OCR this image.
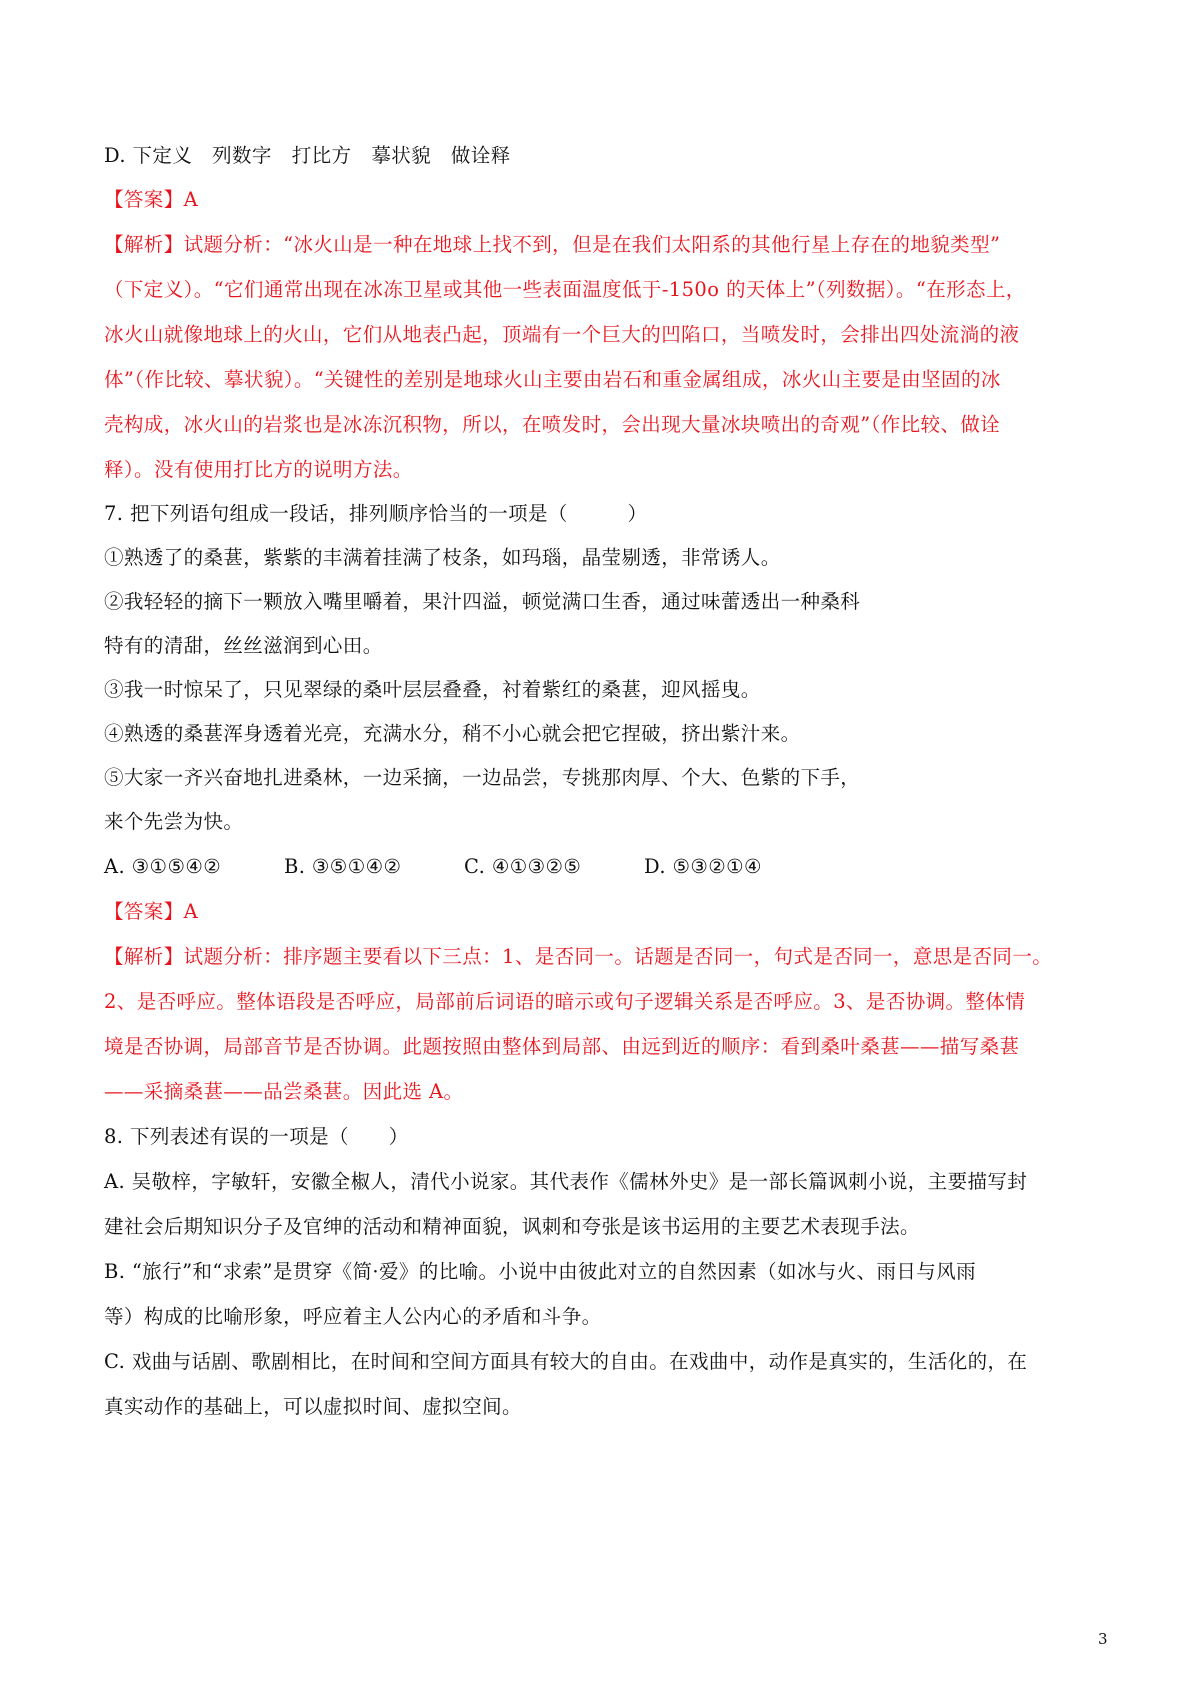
D. 下定义　列数字　打比方　摹状貌　做诠释

【答案】A

【解析】试题分析：“冰火山是一种在地球上找不到，但是在我们太阳系的其他行星上存在的地貌类型”

（下定义）。“它们通常出现在冰冻卫星或其他一些表面温度低于-150o 的天体上”（列数据）。“在形态上，

冰火山就像地球上的火山，它们从地表凸起，顶端有一个巨大的凹陷口，当喷发时，会排出四处流淌的液

体”（作比较、摹状貌）。“关键性的差别是地球火山主要由岩石和重金属组成，冰火山主要是由坚固的冰

壳构成，冰火山的岩浆也是冰冻沉积物，所以，在喷发时，会出现大量冰块喷出的奇观”（作比较、做诠

释）。没有使用打比方的说明方法。

7. 把下列语句组成一段话，排列顺序恰当的一项是（　　　）

①熟透了的桑葚，紫紫的丰满着挂满了枝条，如玛瑙，晶莹剔透，非常诱人。

②我轻轻的摘下一颗放入嘴里嚼着，果汁四溢，顿觉满口生香，通过味蕾透出一种桑科

特有的清甜，丝丝滋润到心田。

③我一时惊呆了，只见翠绿的桑叶层层叠叠，衬着紫红的桑葚，迎风摇曳。

④熟透的桑葚浑身透着光亮，充满水分，稍不小心就会把它捏破，挤出紫汁来。

⑤大家一齐兴奋地扎进桑林，一边采摘，一边品尝，专挑那肉厚、个大、色紫的下手，

来个先尝为快。

A. ③①⑤④②	B. ③⑤①④②	C. ④①③②⑤	D. ⑤③②①④

【答案】A

【解析】试题分析：排序题主要看以下三点：1、是否同一。话题是否同一，句式是否同一，意思是否同一。

2、是否呼应。整体语段是否呼应，局部前后词语的暗示或句子逻辑关系是否呼应。3、是否协调。整体情

境是否协调，局部音节是否协调。此题按照由整体到局部、由远到近的顺序：看到桑叶桑葚——描写桑葚

——采摘桑葚——品尝桑葚。因此选 A。

8. 下列表述有误的一项是（　　）

A. 吴敬梓，字敏轩，安徽全椒人，清代小说家。其代表作《儒林外史》是一部长篇讽刺小说，主要描写封

建社会后期知识分子及官绅的活动和精神面貌，讽刺和夸张是该书运用的主要艺术表现手法。

B. “旅行”和“求索”是贯穿《简·爱》的比喻。小说中由彼此对立的自然因素（如冰与火、雨日与风雨

等）构成的比喻形象，呼应着主人公内心的矛盾和斗争。

C. 戏曲与话剧、歌剧相比，在时间和空间方面具有较大的自由。在戏曲中，动作是真实的，生活化的，在

真实动作的基础上，可以虚拟时间、虚拟空间。

3
